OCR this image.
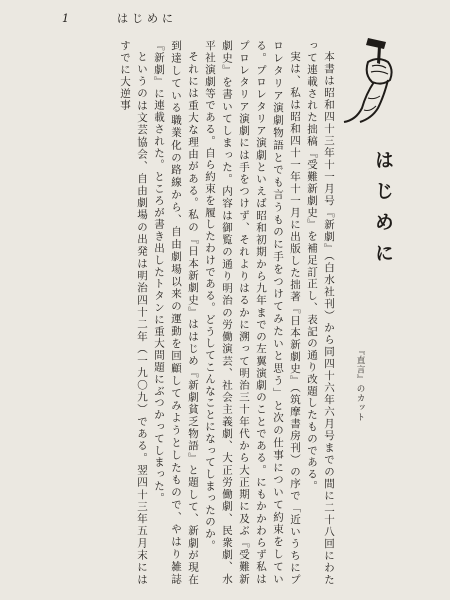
1	はじめに
はじめに
『直言』のカット

本書は昭和四十三年十一月号『新劇』（白水社刊）から同四十六年六月号までの間に二十八回にわたって連載された拙稿『受難新劇史』を補足訂正し、表記の通り改題したものである。

実は、私は昭和四十一年十一月に出版した拙著『日本新劇史』（筑摩書房刊）の序で「近いうちにプロレタリア演劇物語とでも言うものに手をつけてみたいと思う」と次の仕事について約束をしている。プロレタリア演劇といえば昭和初期から九年までの左翼演劇のことである。にもかかわらず私はプロレタリア演劇には手をつけず、それよりはるかに溯って明治三十年代から大正期に及ぶ『受難新劇史』を書いてしまった。内容は御覧の通り明治の労働演芸、社会主義劇、大正労働劇、民衆劇、水平社演劇等である。自ら約束を履したわけである。どうしてこんなことになってしまったのか。

それには重大な理由がある。私の『日本新劇史』ははじめ『新劇貧乏物語』と題して、新劇が現在到達している職業化の路線から、自由劇場以来の運動を回顧してみようとしたもので、やはり雑誌『新劇』に連載された。ところが書き出したトタンに重大問題にぶつかってしまった。

というのは文芸協会、自由劇場の出発は明治四十二年（一九〇九）である。翌四十三年五月末にはすでに大逆事
